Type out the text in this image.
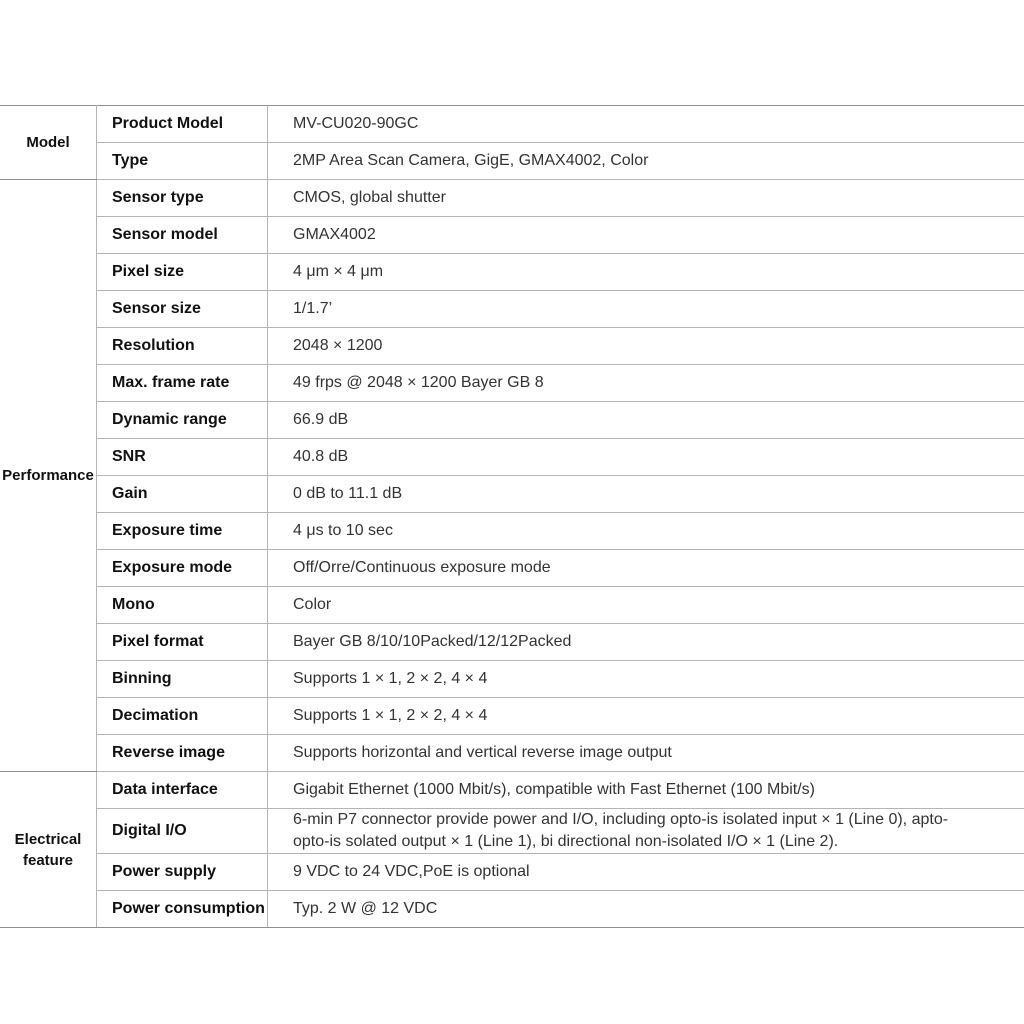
Model	Product Model	MV-CU020-90GC
	Type	2MP Area Scan Camera, GigE, GMAX4002, Color
Performance	Sensor type	CMOS, global shutter
	Sensor model	GMAX4002
	Pixel size	4 μm × 4 μm
	Sensor size	1/1.7’
	Resolution	2048 × 1200
	Max. frame rate	49 frps @ 2048 × 1200 Bayer GB 8
	Dynamic range	66.9 dB
	SNR	40.8 dB
	Gain	0 dB to 11.1 dB
	Exposure time	4 μs to 10 sec
	Exposure mode	Off/Orre/Continuous exposure mode
	Mono	Color
	Pixel format	Bayer GB 8/10/10Packed/12/12Packed
	Binning	Supports 1 × 1, 2 × 2, 4 × 4
	Decimation	Supports 1 × 1, 2 × 2, 4 × 4
	Reverse image	Supports horizontal and vertical reverse image output

Electrical
feature	Data interface	Gigabit Ethernet (1000 Mbit/s), compatible with Fast Ethernet (100 Mbit/s)
	Digital I/O	6-min P7 connector provide power and I/O, including opto-is isolated input × 1 (Line 0), apto-
opto-is solated output × 1 (Line 1), bi directional non-isolated I/O × 1 (Line 2).

	Power supply	9 VDC to 24 VDC,PoE is optional
	Power consumption	Typ. 2 W @ 12 VDC
